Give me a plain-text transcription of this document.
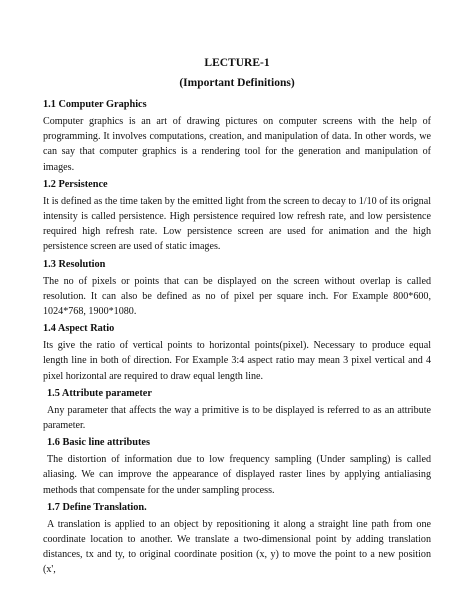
LECTURE-1
(Important Definitions)
1.1 Computer Graphics
Computer graphics is an art of drawing pictures on computer screens with the help of programming. It involves computations, creation, and manipulation of data. In other words, we can say that computer graphics is a rendering tool for the generation and manipulation of images.
1.2 Persistence
It is defined as the time taken by the emitted light from the screen to decay to 1/10 of its orignal intensity is called persistence. High persistence required low refresh rate, and low persistence required high refresh rate. Low persistence screen are used for animation and the high persistence screen are used of static images.
1.3 Resolution
The no of pixels or points that can be displayed on the screen without overlap is called resolution. It can also be defined as no of pixel per square inch. For Example 800*600, 1024*768, 1900*1080.
1.4 Aspect Ratio
Its give the ratio of vertical points to horizontal points(pixel). Necessary to produce equal length line in both of direction. For Example 3:4 aspect ratio may mean 3 pixel vertical and 4 pixel horizontal are required to draw equal length line.
1.5 Attribute parameter
Any parameter that affects the way a primitive is to be displayed is referred to as an attribute parameter.
1.6 Basic line attributes
The distortion of information due to low frequency sampling (Under sampling) is called aliasing. We can improve the appearance of displayed raster lines by applying antialiasing methods that compensate for the under sampling process.
1.7 Define Translation.
A translation is applied to an object by repositioning it along a straight line path from one coordinate location to another. We translate a two-dimensional point by adding translation distances, tx and ty, to original coordinate position (x, y) to move the point to a new position (x',
